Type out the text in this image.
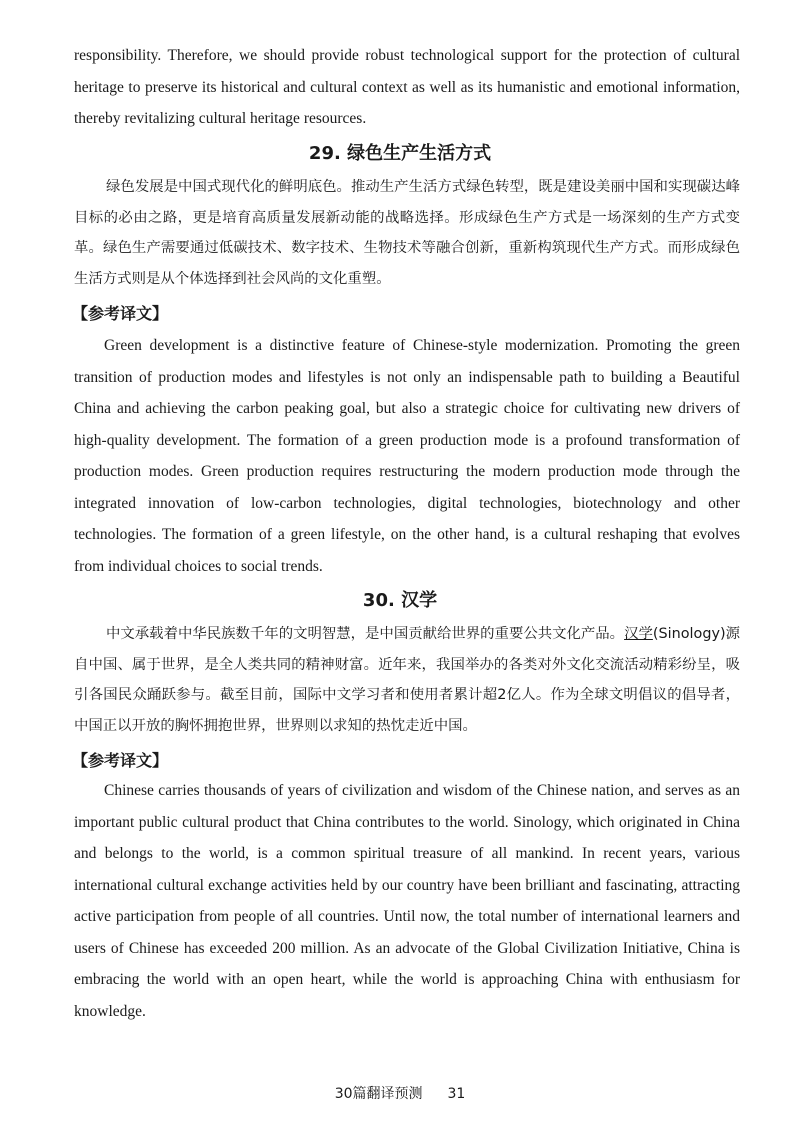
responsibility. Therefore, we should provide robust technological support for the protection of cultural heritage to preserve its historical and cultural context as well as its humanistic and emotional information, thereby revitalizing cultural heritage resources.

29. 绿色生产生活方式

绿色发展是中国式现代化的鲜明底色。推动生产生活方式绿色转型，既是建设美丽中国和实现碳达峰目标的必由之路，更是培育高质量发展新动能的战略选择。形成绿色生产方式是一场深刻的生产方式变革。绿色生产需要通过低碳技术、数字技术、生物技术等融合创新，重新构筑现代生产方式。而形成绿色生活方式则是从个体选择到社会风尚的文化重塑。

【参考译文】

Green development is a distinctive feature of Chinese-style modernization. Promoting the green transition of production modes and lifestyles is not only an indispensable path to building a Beautiful China and achieving the carbon peaking goal, but also a strategic choice for cultivating new drivers of high-quality development. The formation of a green production mode is a profound transformation of production modes. Green production requires restructuring the modern production mode through the integrated innovation of low-carbon technologies, digital technologies, biotechnology and other technologies. The formation of a green lifestyle, on the other hand, is a cultural reshaping that evolves from individual choices to social trends.

30. 汉学

中文承载着中华民族数千年的文明智慧，是中国贡献给世界的重要公共文化产品。汉学(Sinology)源自中国、属于世界，是全人类共同的精神财富。近年来，我国举办的各类对外文化交流活动精彩纷呈，吸引各国民众踊跃参与。截至目前，国际中文学习者和使用者累计超2亿人。作为全球文明倡议的倡导者，中国正以开放的胸怀拥抱世界，世界则以求知的热忱走近中国。

【参考译文】

Chinese carries thousands of years of civilization and wisdom of the Chinese nation, and serves as an important public cultural product that China contributes to the world. Sinology, which originated in China and belongs to the world, is a common spiritual treasure of all mankind. In recent years, various international cultural exchange activities held by our country have been brilliant and fascinating, attracting active participation from people of all countries. Until now, the total number of international learners and users of Chinese has exceeded 200 million. As an advocate of the Global Civilization Initiative, China is embracing the world with an open heart, while the world is approaching China with enthusiasm for knowledge.

30篇翻译预测 31
